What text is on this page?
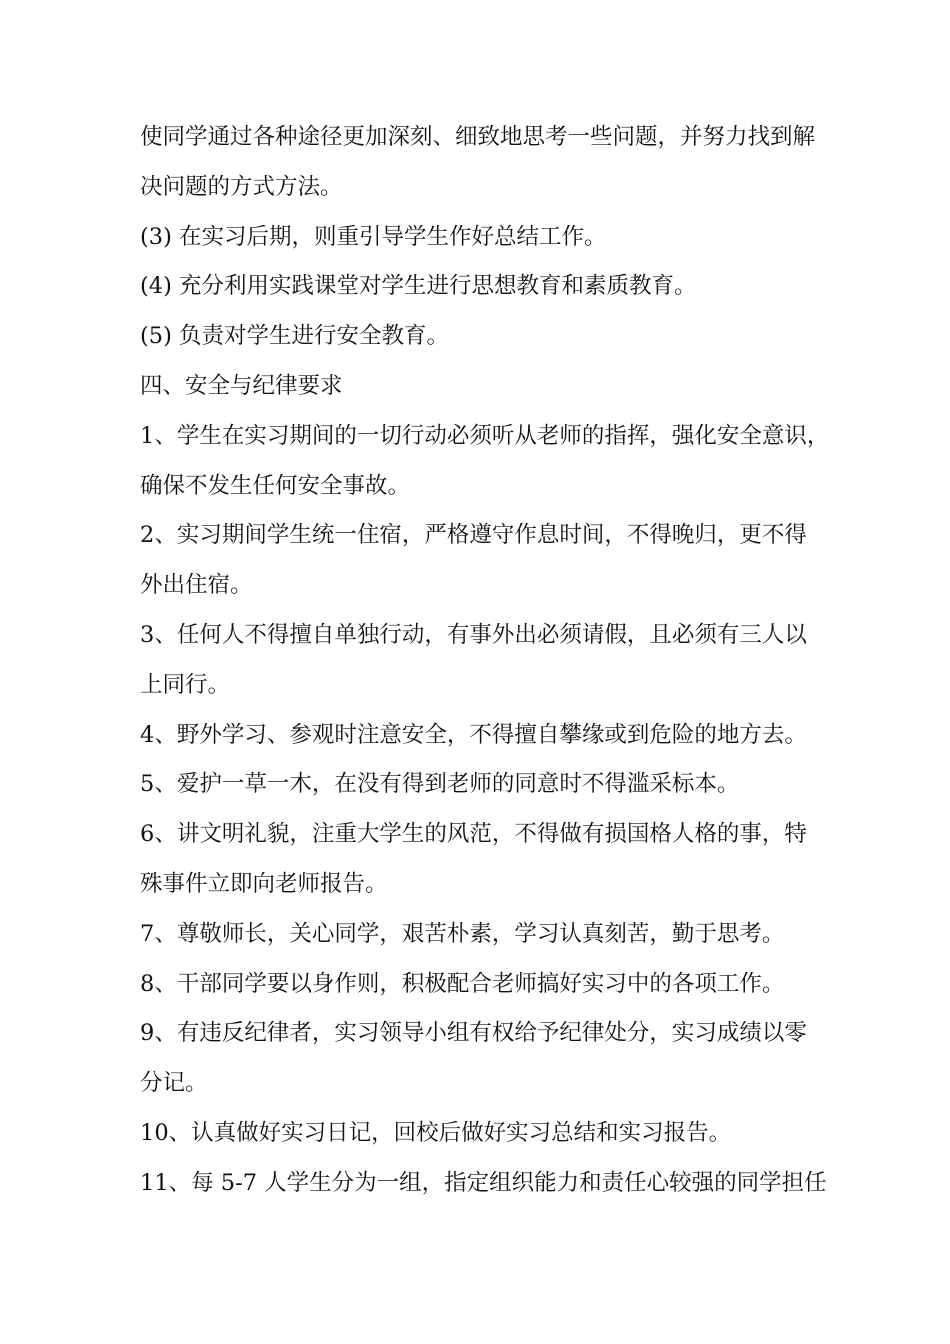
使同学通过各种途径更加深刻、细致地思考一些问题，并努力找到解
决问题的方式方法。
(3) 在实习后期，则重引导学生作好总结工作。
(4) 充分利用实践课堂对学生进行思想教育和素质教育。
(5) 负责对学生进行安全教育。
四、安全与纪律要求
1、学生在实习期间的一切行动必须听从老师的指挥，强化安全意识，
确保不发生任何安全事故。
2、实习期间学生统一住宿，严格遵守作息时间，不得晚归，更不得
外出住宿。
3、任何人不得擅自单独行动，有事外出必须请假，且必须有三人以
上同行。
4、野外学习、参观时注意安全，不得擅自攀缘或到危险的地方去。
5、爱护一草一木，在没有得到老师的同意时不得滥采标本。
6、讲文明礼貌，注重大学生的风范，不得做有损国格人格的事，特
殊事件立即向老师报告。
7、尊敬师长，关心同学，艰苦朴素，学习认真刻苦，勤于思考。
8、干部同学要以身作则，积极配合老师搞好实习中的各项工作。
9、有违反纪律者，实习领导小组有权给予纪律处分，实习成绩以零
分记。
10、认真做好实习日记，回校后做好实习总结和实习报告。
11、每 5-7 人学生分为一组，指定组织能力和责任心较强的同学担任
